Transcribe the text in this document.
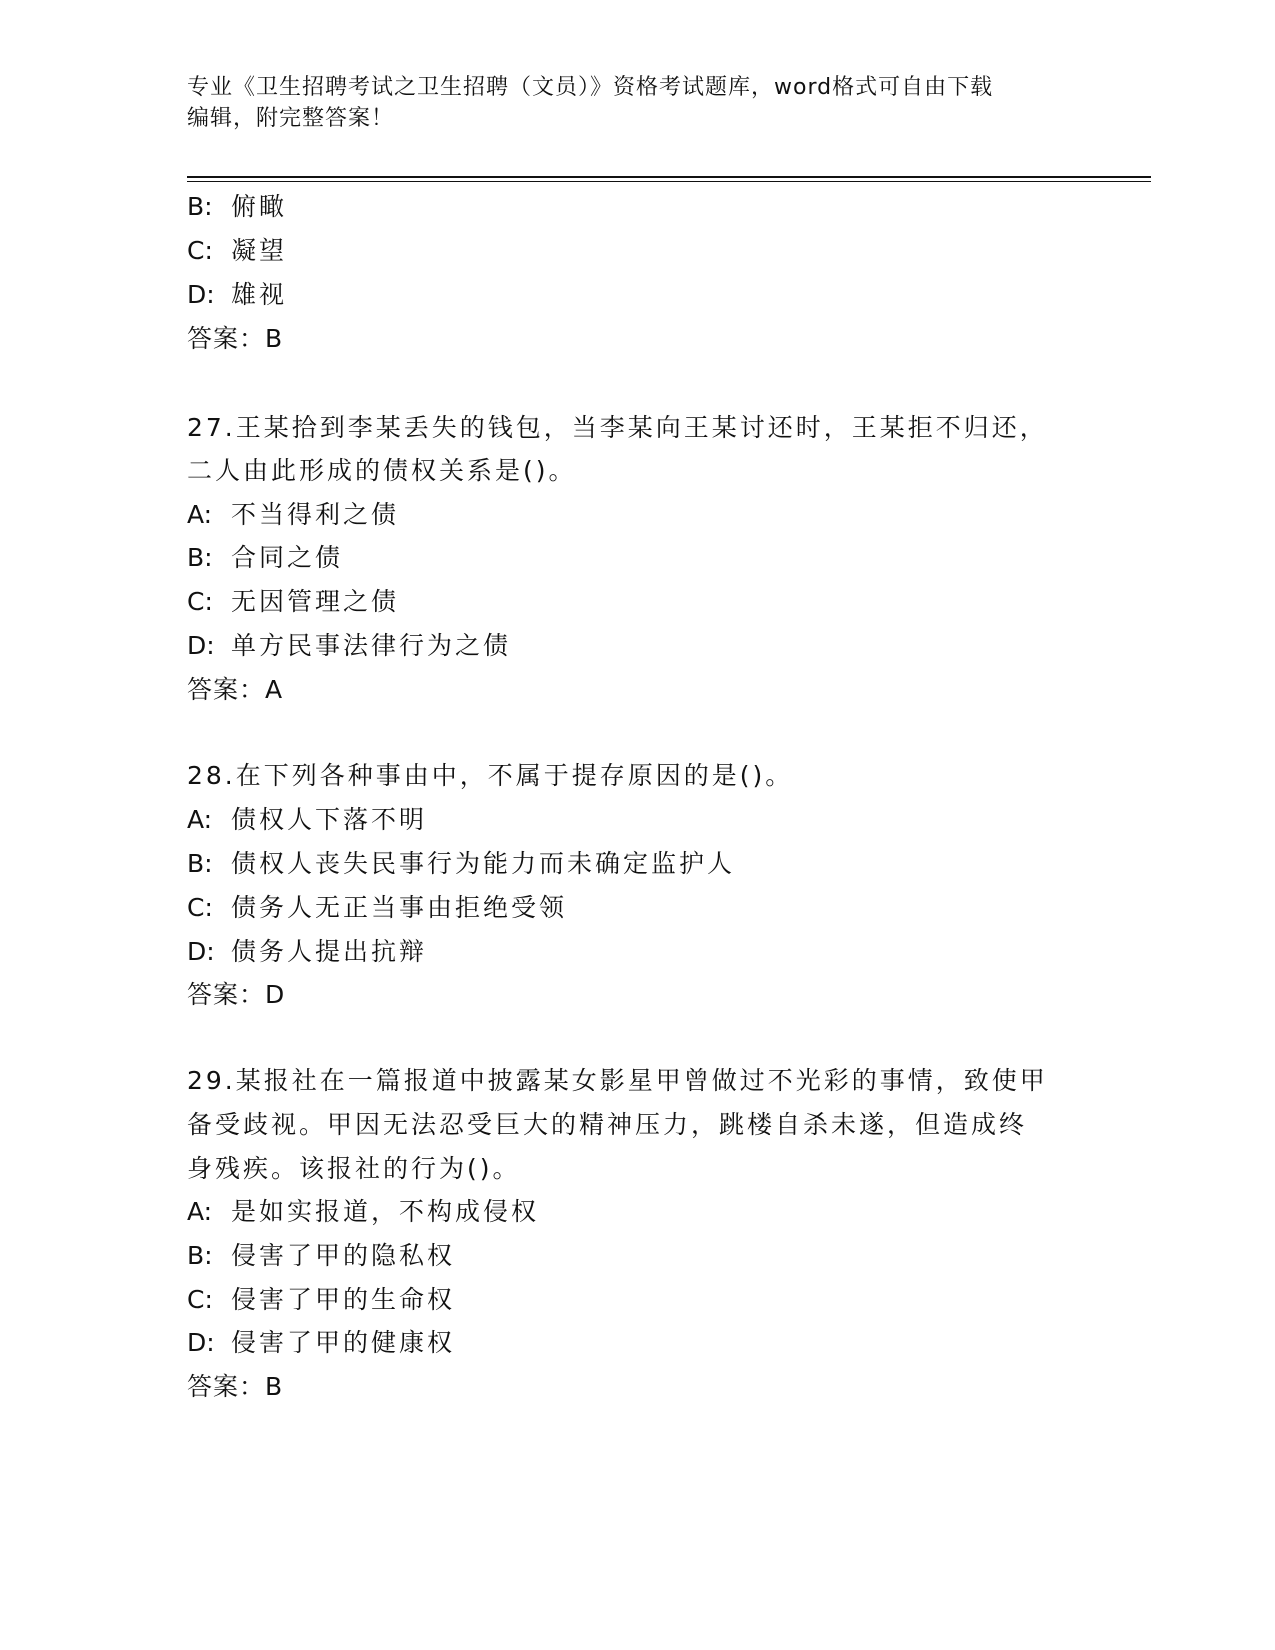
专业《卫生招聘考试之卫生招聘（文员）》资格考试题库，word格式可自由下载
编辑，附完整答案！
B: 俯瞰
C: 凝望
D: 雄视
答案：B
27.王某拾到李某丢失的钱包，当李某向王某讨还时，王某拒不归还，
二人由此形成的债权关系是()。
A: 不当得利之债
B: 合同之债
C: 无因管理之债
D: 单方民事法律行为之债
答案：A
28.在下列各种事由中，不属于提存原因的是()。
A: 债权人下落不明
B: 债权人丧失民事行为能力而未确定监护人
C: 债务人无正当事由拒绝受领
D: 债务人提出抗辩
答案：D
29.某报社在一篇报道中披露某女影星甲曾做过不光彩的事情，致使甲
备受歧视。甲因无法忍受巨大的精神压力，跳楼自杀未遂，但造成终
身残疾。该报社的行为()。
A: 是如实报道，不构成侵权
B: 侵害了甲的隐私权
C: 侵害了甲的生命权
D: 侵害了甲的健康权
答案：B
